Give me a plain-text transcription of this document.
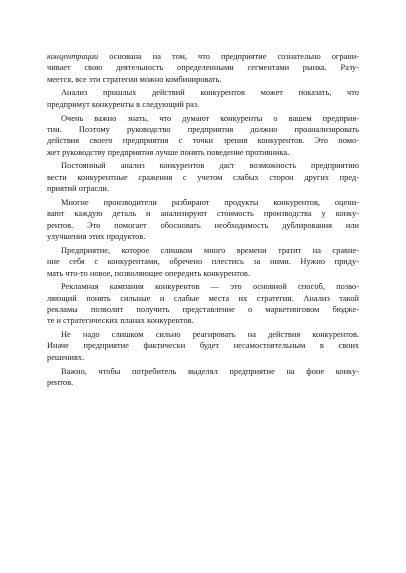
концентрации основана на том, что предприятие сознательно ограни-
чивает свою деятельность определенными сегментами рынка. Разу-
меется, все эти стратегии можно комбинировать.
Анализ прошлых действий конкурентов может показать, что
предпримут конкуренты в следующий раз.
Очень важно знать, что думают конкуренты о вашем предприя-
тии. Поэтому руководство предприятия должно проанализировать
действия своего предприятия с точки зрения конкурентов. Это помо-
жет руководству предприятия лучше понять поведение противника.
Постоянный анализ конкурентов даст возможность предприятию
вести конкурентные сражения с учетом слабых сторон других пред-
приятий отрасли.
Многие производители разбирают продукты конкурентов, оцени-
вают каждую деталь и анализируют стоимость производства у конку-
рентов. Это помогает обосновать необходимость дублирования или
улучшения этих продуктов.
Предприятие, которое слишком много времени тратит на сравне-
ние себя с конкурентами, обречено плестись за ними. Нужно приду-
мать что-то новое, позволяющее опередить конкурентов.
Рекламная кампания конкурентов — это основной способ, позво-
ляющий понять сильные и слабые места их стратегии. Анализ такой
рекламы позволит получить представление о маркетинговом бюдже-
те и стратегических планах конкурентов.
Не надо слишком сильно реагировать на действия конкурентов.
Иначе предприятие фактически будет несамостоятельным в своих
решениях.
Важно, чтобы потребитель выделял предприятие на фоне конку-
рентов.
